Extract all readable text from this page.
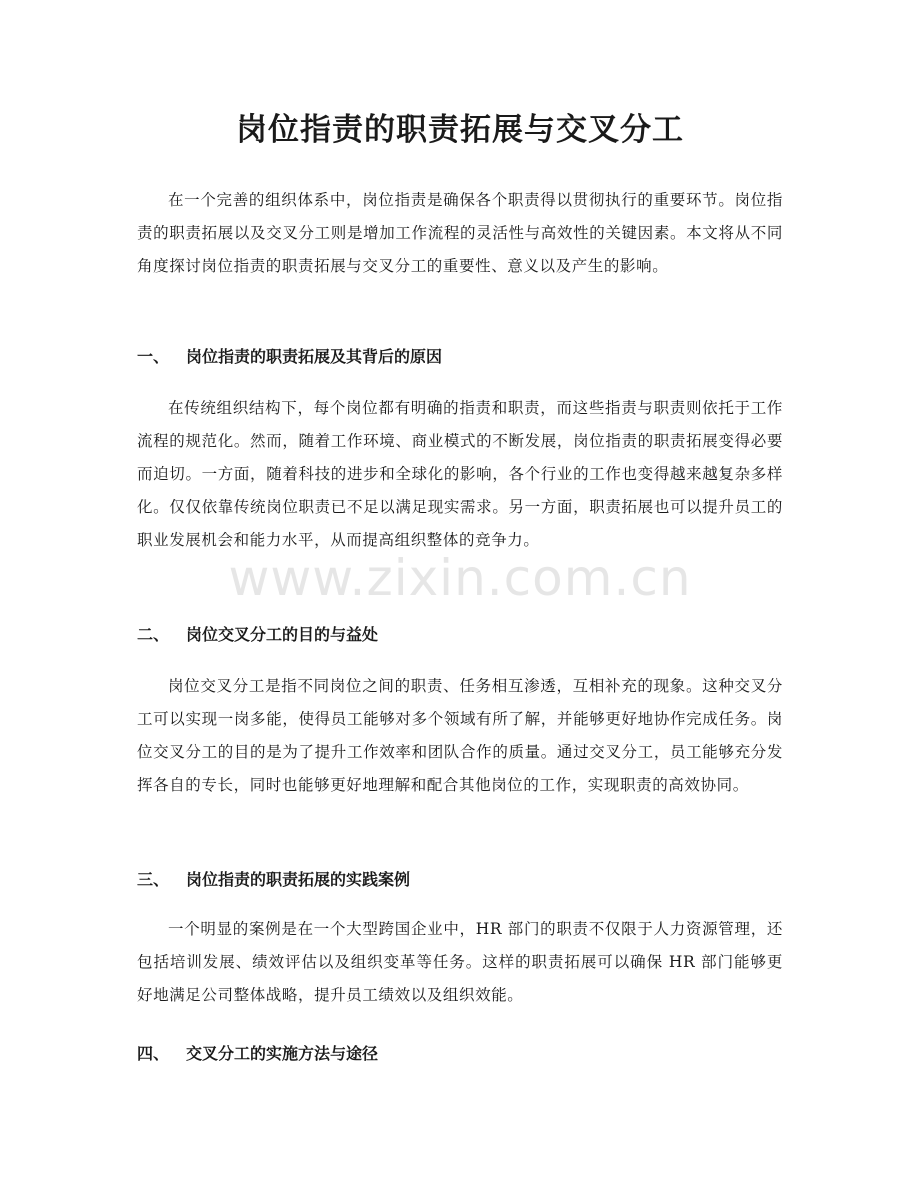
岗位指责的职责拓展与交叉分工

在一个完善的组织体系中，岗位指责是确保各个职责得以贯彻执行的重要环节。岗位指责的职责拓展以及交叉分工则是增加工作流程的灵活性与高效性的关键因素。本文将从不同角度探讨岗位指责的职责拓展与交叉分工的重要性、意义以及产生的影响。

一、 岗位指责的职责拓展及其背后的原因

在传统组织结构下，每个岗位都有明确的指责和职责，而这些指责与职责则依托于工作流程的规范化。然而，随着工作环境、商业模式的不断发展，岗位指责的职责拓展变得必要而迫切。一方面，随着科技的进步和全球化的影响，各个行业的工作也变得越来越复杂多样化。仅仅依靠传统岗位职责已不足以满足现实需求。另一方面，职责拓展也可以提升员工的职业发展机会和能力水平，从而提高组织整体的竞争力。

二、 岗位交叉分工的目的与益处

岗位交叉分工是指不同岗位之间的职责、任务相互渗透，互相补充的现象。这种交叉分工可以实现一岗多能，使得员工能够对多个领域有所了解，并能够更好地协作完成任务。岗位交叉分工的目的是为了提升工作效率和团队合作的质量。通过交叉分工，员工能够充分发挥各自的专长，同时也能够更好地理解和配合其他岗位的工作，实现职责的高效协同。

三、 岗位指责的职责拓展的实践案例

一个明显的案例是在一个大型跨国企业中，HR 部门的职责不仅限于人力资源管理，还包括培训发展、绩效评估以及组织变革等任务。这样的职责拓展可以确保 HR 部门能够更好地满足公司整体战略，提升员工绩效以及组织效能。

四、 交叉分工的实施方法与途径
www.zixin.com.cn
